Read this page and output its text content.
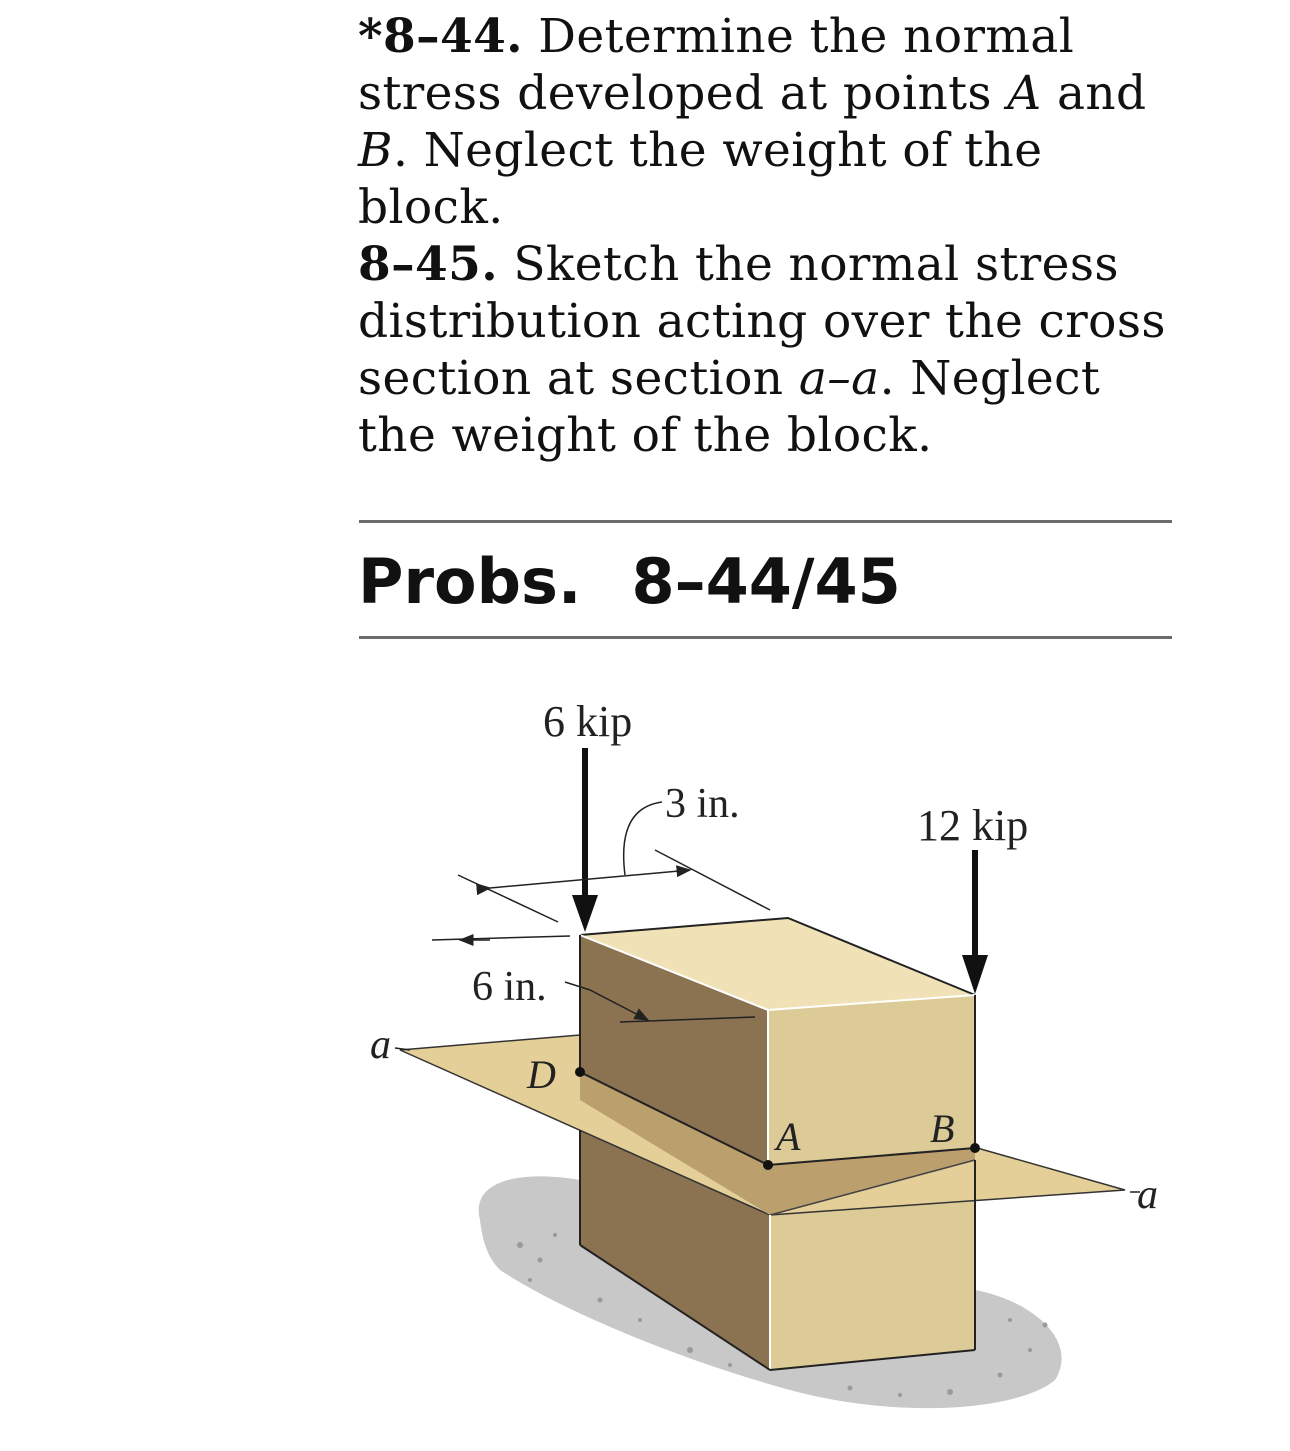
*8–44. Determine the normal stress developed at points A and B. Neglect the weight of the block.

8–45. Sketch the normal stress distribution acting over the cross section at section a–a. Neglect the weight of the block.

Probs. 8–44/45
6 kip
12 kip
3 in.
6 in.
D
A	B
a
a
